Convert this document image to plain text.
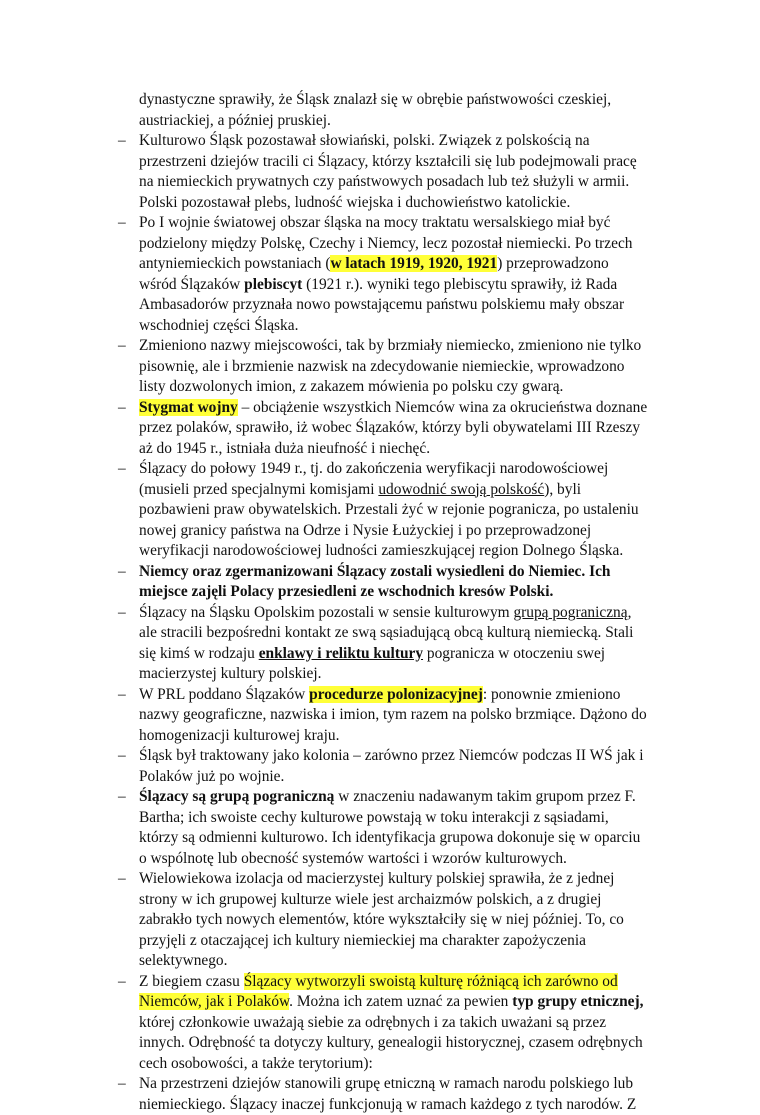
dynastyczne sprawiły, że Śląsk znalazł się w obrębie państwowości czeskiej, austriackiej, a później pruskiej.
– Kulturowo Śląsk pozostawał słowiański, polski. Związek z polskością na przestrzeni dziejów tracili ci Ślązacy, którzy kształcili się lub podejmowali pracę na niemieckich prywatnych czy państwowych posadach lub też służyli w armii. Polski pozostawał plebs, ludność wiejska i duchowieństwo katolickie.
– Po I wojnie światowej obszar śląska na mocy traktatu wersalskiego miał być podzielony między Polskę, Czechy i Niemcy, lecz pozostał niemiecki. Po trzech antyniemieckich powstaniach (w latach 1919, 1920, 1921) przeprowadzono wśród Ślązaków plebiscyt (1921 r.). wyniki tego plebiscytu sprawiły, iż Rada Ambasadorów przyznała nowo powstającemu państwu polskiemu mały obszar wschodniej części Śląska.
– Zmieniono nazwy miejscowości, tak by brzmiały niemiecko, zmieniono nie tylko pisownię, ale i brzmienie nazwisk na zdecydowanie niemieckie, wprowadzono listy dozwolonych imion, z zakazem mówienia po polsku czy gwarą.
– Stygmat wojny – obciążenie wszystkich Niemców wina za okrucieństwa doznane przez polaków, sprawiło, iż wobec Ślązaków, którzy byli obywatelami III Rzeszy aż do 1945 r., istniała duża nieufność i niechęć.
– Ślązacy do połowy 1949 r., tj. do zakończenia weryfikacji narodowościowej (musieli przed specjalnymi komisjami udowodnić swoją polskość), byli pozbawieni praw obywatelskich. Przestali żyć w rejonie pogranicza, po ustaleniu nowej granicy państwa na Odrze i Nysie Łużyckiej i po przeprowadzonej weryfikacji narodowościowej ludności zamieszkującej region Dolnego Śląska.
– Niemcy oraz zgermanizowani Ślązacy zostali wysiedleni do Niemiec. Ich miejsce zajęli Polacy przesiedleni ze wschodnich kresów Polski.
– Ślązacy na Śląsku Opolskim pozostali w sensie kulturowym grupą pograniczną, ale stracili bezpośredni kontakt ze swą sąsiadującą obcą kulturą niemiecką. Stali się kimś w rodzaju enklawy i reliktu kultury pogranicza w otoczeniu swej macierzystej kultury polskiej.
– W PRL poddano Ślązaków procedurze polonizacyjnej: ponownie zmieniono nazwy geograficzne, nazwiska i imion, tym razem na polsko brzmiące. Dążono do homogenizacji kulturowej kraju.
– Śląsk był traktowany jako kolonia – zarówno przez Niemców podczas II WŚ jak i Polaków już po wojnie.
– Ślązacy są grupą pograniczną w znaczeniu nadawanym takim grupom przez F. Bartha; ich swoiste cechy kulturowe powstają w toku interakcji z sąsiadami, którzy są odmienni kulturowo. Ich identyfikacja grupowa dokonuje się w oparciu o wspólnotę lub obecność systemów wartości i wzorów kulturowych.
– Wielowiekowa izolacja od macierzystej kultury polskiej sprawiła, że z jednej strony w ich grupowej kulturze wiele jest archaizmów polskich, a z drugiej zabrakło tych nowych elementów, które wykształciły się w niej później. To, co przyjęli z otaczającej ich kultury niemieckiej ma charakter zapożyczenia selektywnego.
– Z biegiem czasu Ślązacy wytworzyli swoistą kulturę różniącą ich zarówno od Niemców, jak i Polaków. Można ich zatem uznać za pewien typ grupy etnicznej, której członkowie uważają siebie za odrębnych i za takich uważani są przez innych. Odrębność ta dotyczy kultury, genealogii historycznej, czasem odrębnych cech osobowości, a także terytorium):
– Na przestrzeni dziejów stanowili grupę etniczną w ramach narodu polskiego lub niemieckiego. Ślązacy inaczej funkcjonują w ramach każdego z tych narodów. Z
